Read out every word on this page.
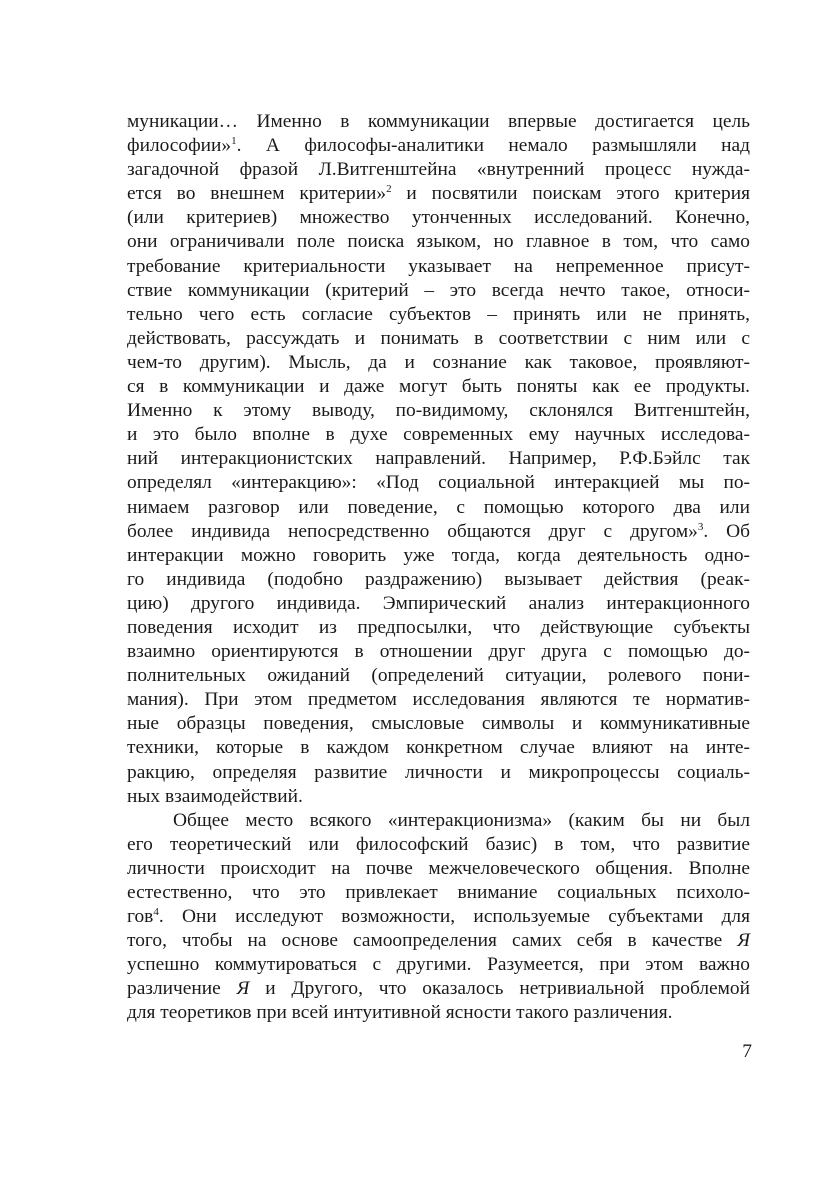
муникации… Именно в коммуникации впервые достигается цель
философии»$^1$. А философы-аналитики немало размышляли над
загадочной фразой Л.Витгенштейна «внутренний процесс нужда-
ется во внешнем критерии»$^2$ и посвятили поискам этого критерия
(или критериев) множество утонченных исследований. Конечно,
они ограничивали поле поиска языком, но главное в том, что само
требование критериальности указывает на непременное присут-
ствие коммуникации (критерий – это всегда нечто такое, относи-
тельно чего есть согласие субъектов – принять или не принять,
действовать, рассуждать и понимать в соответствии с ним или с
чем-то другим). Мысль, да и сознание как таковое, проявляют-
ся в коммуникации и даже могут быть поняты как ее продукты.
Именно к этому выводу, по-видимому, склонялся Витгенштейн,
и это было вполне в духе современных ему научных исследова-
ний интеракционистских направлений. Например, Р.Ф.Бэйлс так
определял «интеракцию»: «Под социальной интеракцией мы по-
нимаем разговор или поведение, с помощью которого два или
более индивида непосредственно общаются друг с другом»$^3$. Об
интеракции можно говорить уже тогда, когда деятельность одно-
го индивида (подобно раздражению) вызывает действия (реак-
цию) другого индивида. Эмпирический анализ интеракционного
поведения исходит из предпосылки, что действующие субъекты
взаимно ориентируются в отношении друг друга с помощью до-
полнительных ожиданий (определений ситуации, ролевого пони-
мания). При этом предметом исследования являются те норматив-
ные образцы поведения, смысловые символы и коммуникативные
техники, которые в каждом конкретном случае влияют на инте-
ракцию, определяя развитие личности и микропроцессы социаль-
ных взаимодействий.
Общее место всякого «интеракционизма» (каким бы ни был
его теоретический или философский базис) в том, что развитие
личности происходит на почве межчеловеческого общения. Вполне
естественно, что это привлекает внимание социальных психоло-
гов$^4$. Они исследуют возможности, используемые субъектами для
того, чтобы на основе самоопределения самих себя в качестве Я
успешно коммутироваться с другими. Разумеется, при этом важно
различение Я и Другого, что оказалось нетривиальной проблемой
для теоретиков при всей интуитивной ясности такого различения.
7
